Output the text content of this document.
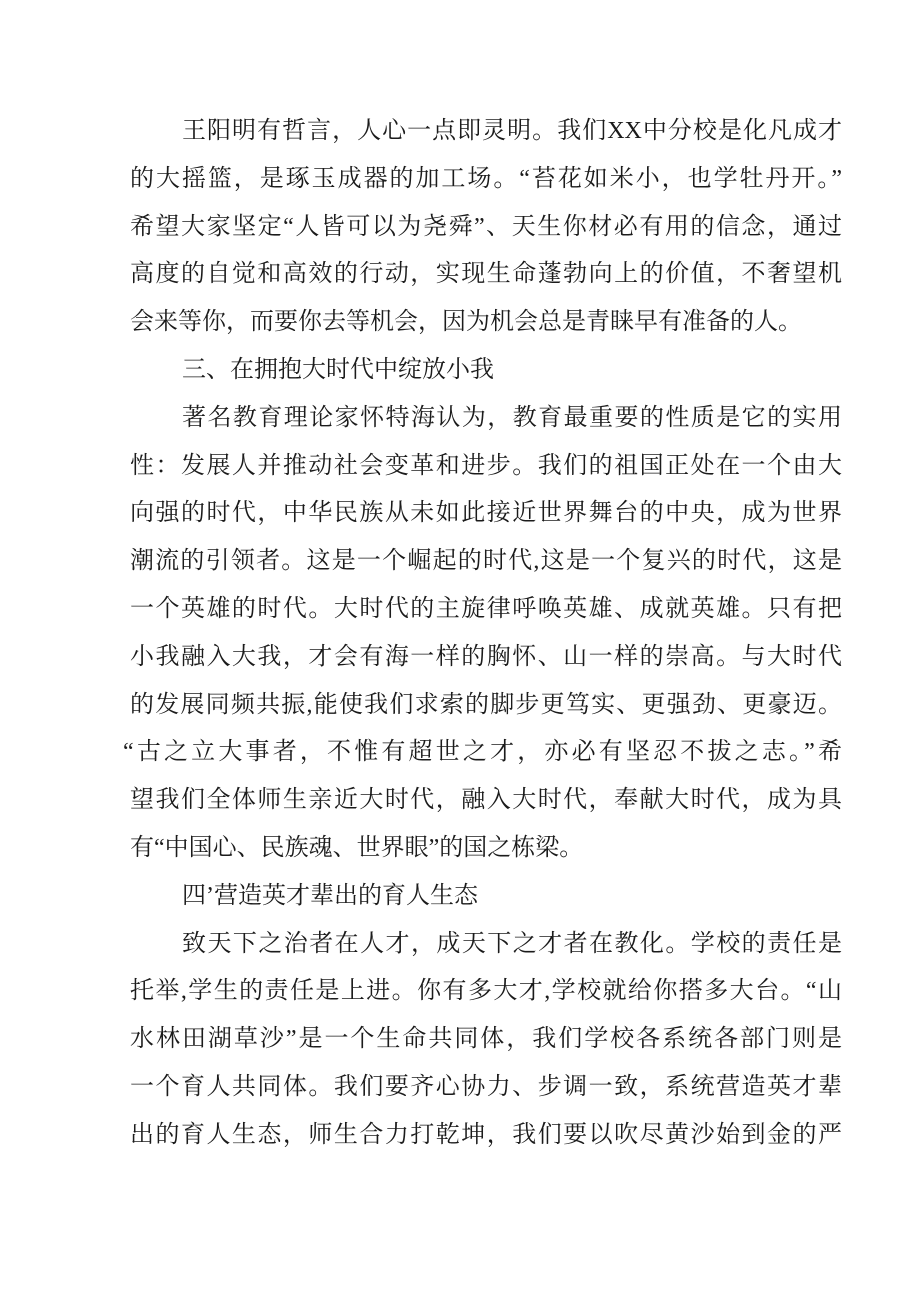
王阳明有哲言，人心一点即灵明。我们XX中分校是化凡成才

的大摇篮，是琢玉成器的加工场。“苔花如米小，也学牡丹开。”

希望大家坚定“人皆可以为尧舜”、天生你材必有用的信念，通过

高度的自觉和高效的行动，实现生命蓬勃向上的价值，不奢望机

会来等你，而要你去等机会，因为机会总是青睐早有准备的人。

三、在拥抱大时代中绽放小我

著名教育理论家怀特海认为，教育最重要的性质是它的实用

性：发展人并推动社会变革和进步。我们的祖国正处在一个由大

向强的时代，中华民族从未如此接近世界舞台的中央，成为世界

潮流的引领者。这是一个崛起的时代,这是一个复兴的时代，这是

一个英雄的时代。大时代的主旋律呼唤英雄、成就英雄。只有把

小我融入大我，才会有海一样的胸怀、山一样的崇高。与大时代

的发展同频共振,能使我们求索的脚步更笃实、更强劲、更豪迈。

“古之立大事者，不惟有超世之才，亦必有坚忍不拔之志。”希

望我们全体师生亲近大时代，融入大时代，奉献大时代，成为具

有“中国心、民族魂、世界眼”的国之栋梁。

四’营造英才辈出的育人生态

致天下之治者在人才，成天下之才者在教化。学校的责任是

托举,学生的责任是上进。你有多大才,学校就给你搭多大台。“山

水林田湖草沙”是一个生命共同体，我们学校各系统各部门则是

一个育人共同体。我们要齐心协力、步调一致，系统营造英才辈

出的育人生态，师生合力打乾坤，我们要以吹尽黄沙始到金的严
